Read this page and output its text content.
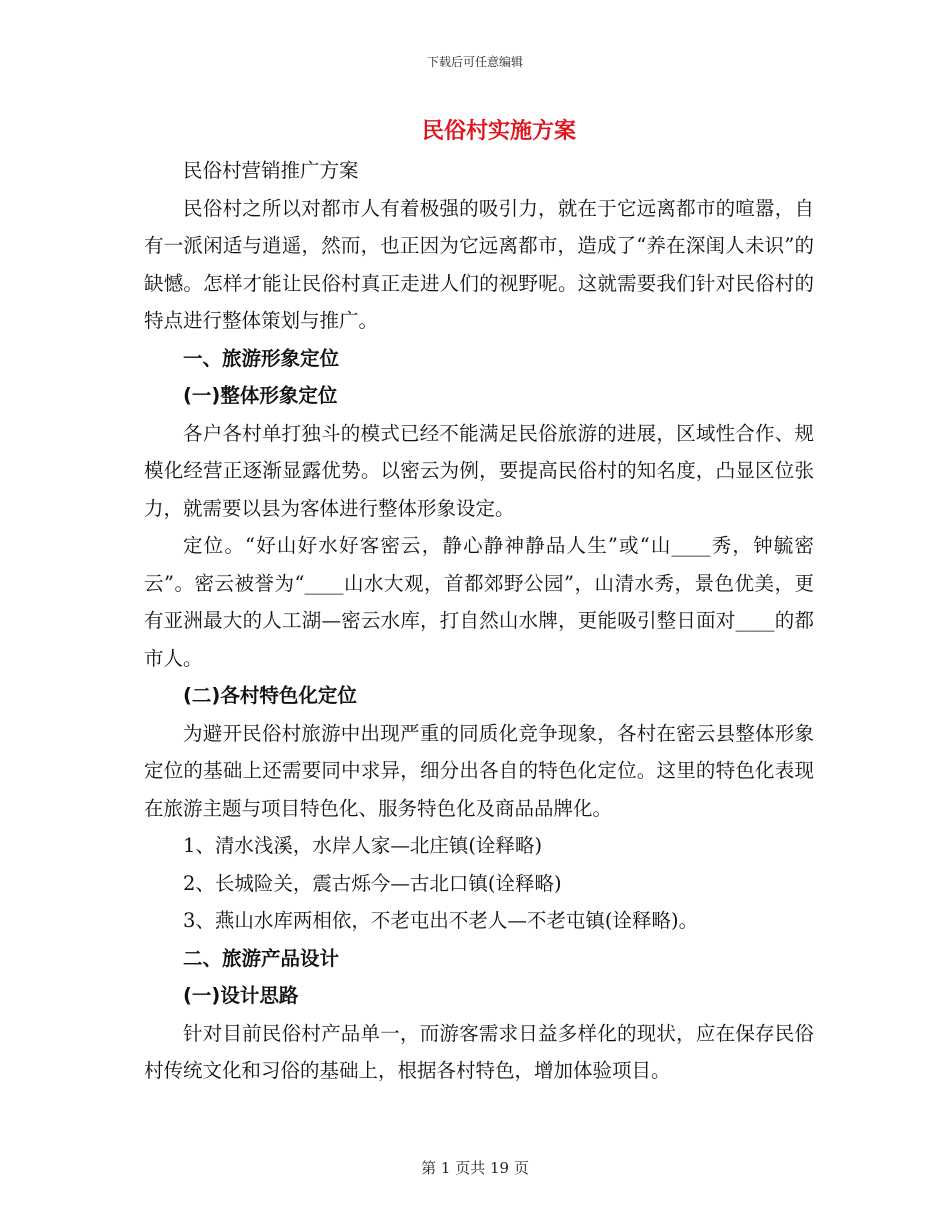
下载后可任意编辑
民俗村实施方案

民俗村营销推广方案

民俗村之所以对都市人有着极强的吸引力，就在于它远离都市的喧嚣，自有一派闲适与逍遥，然而，也正因为它远离都市，造成了“养在深闺人未识”的缺憾。怎样才能让民俗村真正走进人们的视野呢。这就需要我们针对民俗村的特点进行整体策划与推广。

一、旅游形象定位

(一)整体形象定位

各户各村单打独斗的模式已经不能满足民俗旅游的进展，区域性合作、规模化经营正逐渐显露优势。以密云为例，要提高民俗村的知名度，凸显区位张力，就需要以县为客体进行整体形象设定。

定位。“好山好水好客密云，静心静神静品人生”或“山____秀，钟毓密云”。密云被誉为“____山水大观，首都郊野公园”，山清水秀，景色优美，更有亚洲最大的人工湖—密云水库，打自然山水牌，更能吸引整日面对____的都市人。

(二)各村特色化定位

为避开民俗村旅游中出现严重的同质化竞争现象，各村在密云县整体形象定位的基础上还需要同中求异，细分出各自的特色化定位。这里的特色化表现在旅游主题与项目特色化、服务特色化及商品品牌化。

1、清水浅溪，水岸人家—北庄镇(诠释略)

2、长城险关，震古烁今—古北口镇(诠释略)

3、燕山水库两相依，不老屯出不老人—不老屯镇(诠释略)。

二、旅游产品设计

(一)设计思路

针对目前民俗村产品单一，而游客需求日益多样化的现状，应在保存民俗村传统文化和习俗的基础上，根据各村特色，增加体验项目。

第 1 页共 19 页
